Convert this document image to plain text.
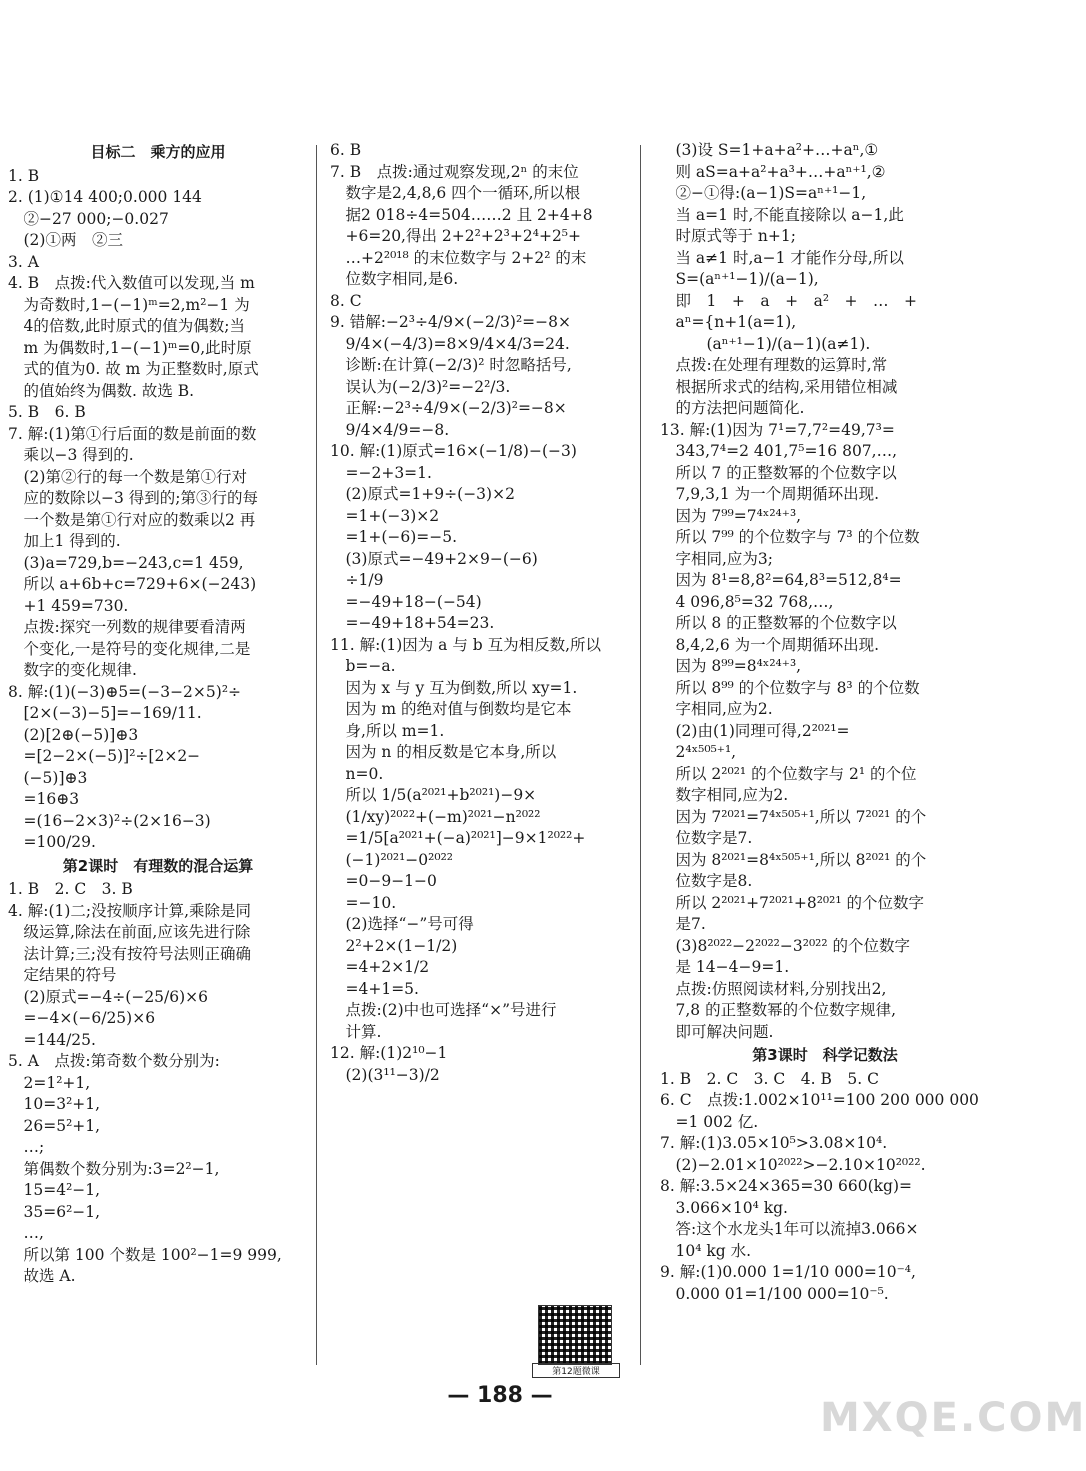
目标二　乘方的应用
1. B
2. (1)①14 400;0.000 144
　②−27 000;−0.027
　(2)①两　②三
3. A
4. B　点拨:代入数值可以发现,当 m
　为奇数时,1−(−1)ᵐ=2,m²−1 为
　4的倍数,此时原式的值为偶数;当
　m 为偶数时,1−(−1)ᵐ=0,此时原
　式的值为0. 故 m 为正整数时,原式
　的值始终为偶数. 故选 B.
5. B　6. B
7. 解:(1)第①行后面的数是前面的数
　乘以−3 得到的.
　(2)第②行的每一个数是第①行对
　应的数除以−3 得到的;第③行的每
　一个数是第①行对应的数乘以2 再
　加上1 得到的.
　(3)a=729,b=−243,c=1 459,
　所以 a+6b+c=729+6×(−243)
　+1 459=730.
　点拨:探究一列数的规律要看清两
　个变化,一是符号的变化规律,二是
　数字的变化规律.
8. 解:(1)(−3)⊕5=(−3−2×5)²÷
　[2×(−3)−5]=−169/11.
　(2)[2⊕(−5)]⊕3
　=[2−2×(−5)]²÷[2×2−
　(−5)]⊕3
　=16⊕3
　=(16−2×3)²÷(2×16−3)
　=100/29.
第2课时　有理数的混合运算
1. B　2. C　3. B
4. 解:(1)二;没按顺序计算,乘除是同
　级运算,除法在前面,应该先进行除
　法计算;三;没有按符号法则正确确
　定结果的符号
　(2)原式=−4÷(−25/6)×6
　=−4×(−6/25)×6
　=144/25.
5. A　点拨:第奇数个数分别为:
　2=1²+1,
　10=3²+1,
　26=5²+1,
　…;
　第偶数个数分别为:3=2²−1,
　15=4²−1,
　35=6²−1,
　…,
　所以第 100 个数是 100²−1=9 999,
　故选 A.
6. B
7. B　点拨:通过观察发现,2ⁿ 的末位
　数字是2,4,8,6 四个一循环,所以根
　据2 018÷4=504……2 且 2+4+8
　+6=20,得出 2+2²+2³+2⁴+2⁵+
　…+2²⁰¹⁸ 的末位数字与 2+2² 的末
　位数字相同,是6.
8. C
9. 错解:−2³÷4/9×(−2/3)²=−8×
　9/4×(−4/3)=8×9/4×4/3=24.
　诊断:在计算(−2/3)² 时忽略括号,
　误认为(−2/3)²=−2²/3.
　正解:−2³÷4/9×(−2/3)²=−8×
　9/4×4/9=−8.
10. 解:(1)原式=16×(−1/8)−(−3)
　=−2+3=1.
　(2)原式=1+9÷(−3)×2
　=1+(−3)×2
　=1+(−6)=−5.
　(3)原式=−49+2×9−(−6)
　÷1/9
　=−49+18−(−54)
　=−49+18+54=23.
11. 解:(1)因为 a 与 b 互为相反数,所以
　b=−a.
　因为 x 与 y 互为倒数,所以 xy=1.
　因为 m 的绝对值与倒数均是它本
　身,所以 m=1.
　因为 n 的相反数是它本身,所以
　n=0.
　所以 1/5(a²⁰²¹+b²⁰²¹)−9×
　(1/xy)²⁰²²+(−m)²⁰²¹−n²⁰²²
　=1/5[a²⁰²¹+(−a)²⁰²¹]−9×1²⁰²²+
　(−1)²⁰²¹−0²⁰²²
　=0−9−1−0
　=−10.
　(2)选择“−”号可得
　2²+2×(1−1/2)
　=4+2×1/2
　=4+1=5.
　点拨:(2)中也可选择“×”号进行
　计算.
12. 解:(1)2¹⁰−1
　(2)(3¹¹−3)/2
第12题微课
　(3)设 S=1+a+a²+…+aⁿ,①
　则 aS=a+a²+a³+…+aⁿ⁺¹,②
　②−①得:(a−1)S=aⁿ⁺¹−1,
　当 a=1 时,不能直接除以 a−1,此
　时原式等于 n+1;
　当 a≠1 时,a−1 才能作分母,所以
　S=(aⁿ⁺¹−1)/(a−1),
　即　1　+　a　+　a²　+　…　+
　aⁿ={n+1(a=1),
　　　(aⁿ⁺¹−1)/(a−1)(a≠1).
　点拨:在处理有理数的运算时,常
　根据所求式的结构,采用错位相减
　的方法把问题简化.
13. 解:(1)因为 7¹=7,7²=49,7³=
　343,7⁴=2 401,7⁵=16 807,…,
　所以 7 的正整数幂的个位数字以
　7,9,3,1 为一个周期循环出现.
　因为 7⁹⁹=7⁴ˣ²⁴⁺³,
　所以 7⁹⁹ 的个位数字与 7³ 的个位数
　字相同,应为3;
　因为 8¹=8,8²=64,8³=512,8⁴=
　4 096,8⁵=32 768,…,
　所以 8 的正整数幂的个位数字以
　8,4,2,6 为一个周期循环出现.
　因为 8⁹⁹=8⁴ˣ²⁴⁺³,
　所以 8⁹⁹ 的个位数字与 8³ 的个位数
　字相同,应为2.
　(2)由(1)同理可得,2²⁰²¹=
　2⁴ˣ⁵⁰⁵⁺¹,
　所以 2²⁰²¹ 的个位数字与 2¹ 的个位
　数字相同,应为2.
　因为 7²⁰²¹=7⁴ˣ⁵⁰⁵⁺¹,所以 7²⁰²¹ 的个
　位数字是7.
　因为 8²⁰²¹=8⁴ˣ⁵⁰⁵⁺¹,所以 8²⁰²¹ 的个
　位数字是8.
　所以 2²⁰²¹+7²⁰²¹+8²⁰²¹ 的个位数字
　是7.
　(3)8²⁰²²−2²⁰²²−3²⁰²² 的个位数字
　是 14−4−9=1.
　点拨:仿照阅读材料,分别找出2,
　7,8 的正整数幂的个位数字规律,
　即可解决问题.
第3课时　科学记数法
1. B　2. C　3. C　4. B　5. C
6. C　点拨:1.002×10¹¹=100 200 000 000
　=1 002 亿.
7. 解:(1)3.05×10⁵>3.08×10⁴.
　(2)−2.01×10²⁰²²>−2.10×10²⁰²².
8. 解:3.5×24×365=30 660(kg)=
　3.066×10⁴ kg.
　答:这个水龙头1年可以流掉3.066×
　10⁴ kg 水.
9. 解:(1)0.000 1=1/10 000=10⁻⁴,
　0.000 01=1/100 000=10⁻⁵.
— 188 —	MXQE.COM
